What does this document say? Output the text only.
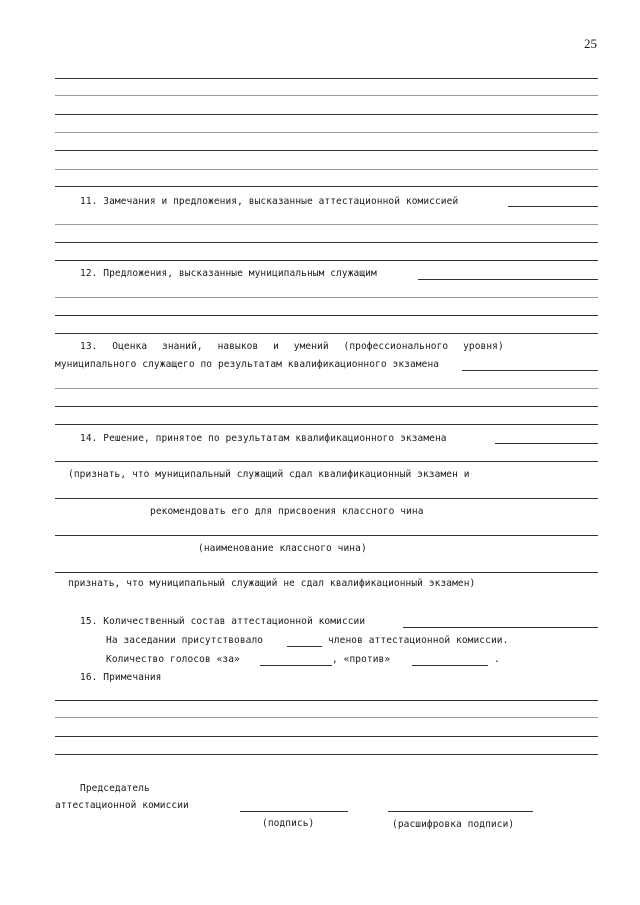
25
11. Замечания и предложения, высказанные аттестационной комиссией
12. Предложения, высказанные муниципальным служащим
13. Оценка знаний, навыков и умений (профессионального уровня)
муниципального служащего по результатам квалификационного экзамена
14. Решение, принятое по результатам квалификационного экзамена
(признать, что муниципальный служащий сдал квалификационный экзамен и
рекомендовать его для присвоения классного чина
(наименование классного чина)
признать, что муниципальный служащий не сдал квалификационный экзамен)
15. Количественный состав аттестационной комиссии
На заседании присутствовало	членов аттестационной комиссии.
Количество голосов «за»	, «против»	.
16. Примечания
Председатель
аттестационной комиссии
(подпись)	(расшифровка подписи)
